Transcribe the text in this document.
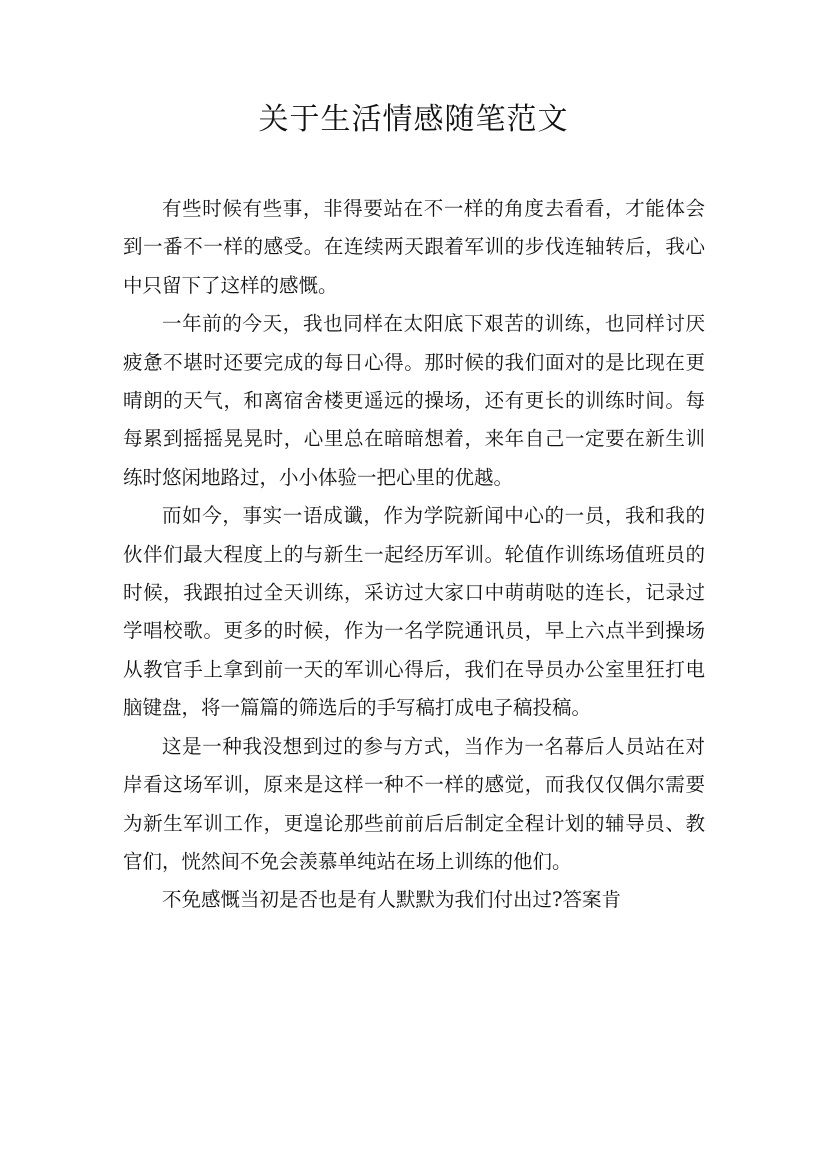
关于生活情感随笔范文

有些时候有些事，非得要站在不一样的角度去看看，才能体会到一番不一样的感受。在连续两天跟着军训的步伐连轴转后，我心中只留下了这样的感慨。

一年前的今天，我也同样在太阳底下艰苦的训练，也同样讨厌疲惫不堪时还要完成的每日心得。那时候的我们面对的是比现在更晴朗的天气，和离宿舍楼更遥远的操场，还有更长的训练时间。每每累到摇摇晃晃时，心里总在暗暗想着，来年自己一定要在新生训练时悠闲地路过，小小体验一把心里的优越。

而如今，事实一语成谶，作为学院新闻中心的一员，我和我的伙伴们最大程度上的与新生一起经历军训。轮值作训练场值班员的时候，我跟拍过全天训练，采访过大家口中萌萌哒的连长，记录过学唱校歌。更多的时候，作为一名学院通讯员，早上六点半到操场从教官手上拿到前一天的军训心得后，我们在导员办公室里狂打电脑键盘，将一篇篇的筛选后的手写稿打成电子稿投稿。

这是一种我没想到过的参与方式，当作为一名幕后人员站在对岸看这场军训，原来是这样一种不一样的感觉，而我仅仅偶尔需要为新生军训工作，更遑论那些前前后后制定全程计划的辅导员、教官们，恍然间不免会羡慕单纯站在场上训练的他们。

不免感慨当初是否也是有人默默为我们付出过?答案肯
